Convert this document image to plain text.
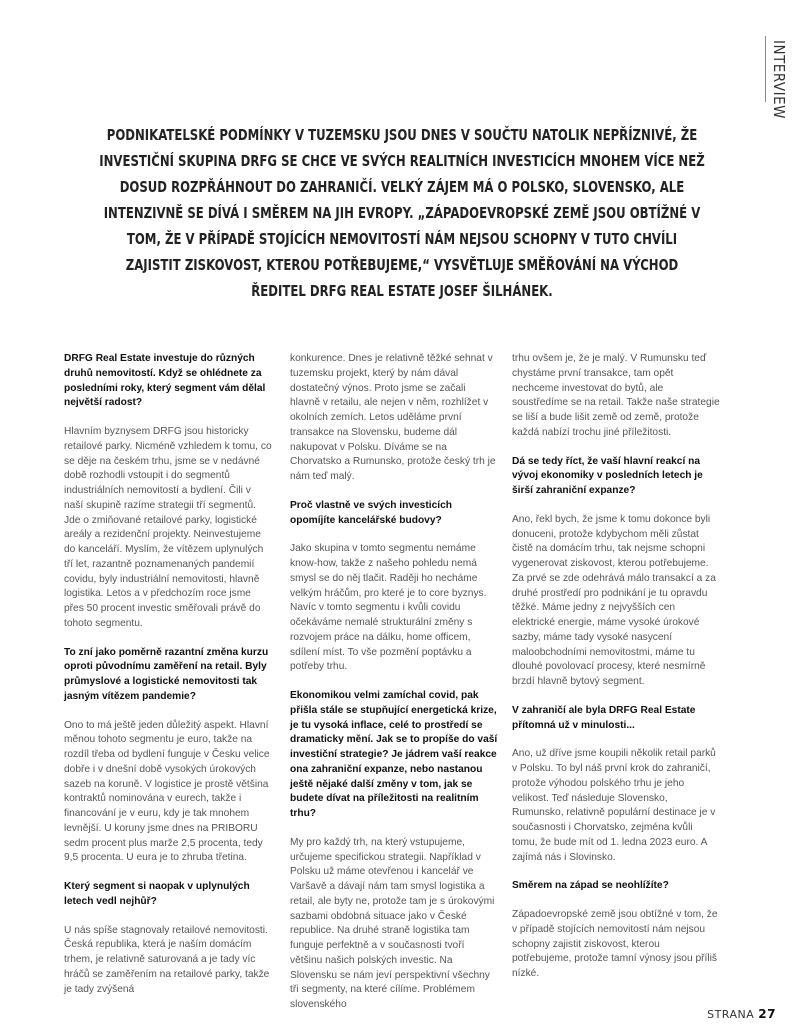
INTERVIEW
PODNIKATELSKÉ PODMÍNKY V TUZEMSKU JSOU DNES V SOUČTU NATOLIK NEPŘÍZNIVÉ, ŽE INVESTIČNÍ SKUPINA DRFG SE CHCE VE SVÝCH REALITNÍCH INVESTICÍCH MNOHEM VÍCE NEŽ DOSUD ROZPŘÁHNOUT DO ZAHRANIČÍ. VELKÝ ZÁJEM MÁ O POLSKO, SLOVENSKO, ALE INTENZIVNĚ SE DÍVÁ I SMĚREM NA JIH EVROPY. „ZÁPADOEVROPSKÉ ZEMĚ JSOU OBTÍŽNÉ V TOM, ŽE V PŘÍPADĚ STOJÍCÍCH NEMOVITOSTÍ NÁM NEJSOU SCHOPNY V TUTO CHVÍLI ZAJISTIT ZISKOVOST, KTEROU POTŘEBUJEME,“ VYSVĚTLUJE SMĚŘOVÁNÍ NA VÝCHOD ŘEDITEL DRFG REAL ESTATE JOSEF ŠILHÁNEK.

DRFG Real Estate investuje do různých druhů nemovitostí. Když se ohlédnete za posledními roky, který segment vám dělal největší radost?

Hlavním byznysem DRFG jsou historicky retailové parky. Nicméně vzhledem k tomu, co se děje na českém trhu, jsme se v nedávné době rozhodli vstoupit i do segmentů industriálních nemovitostí a bydlení. Čili v naší skupině razíme strategii tří segmentů. Jde o zmiňované retailové parky, logistické areály a rezidenční projekty. Neinvestujeme do kanceláří. Myslím, že vítězem uplynulých tří let, razantně poznamenaných pandemií covidu, byly industriální nemovitosti, hlavně logistika. Letos a v předchozím roce jsme přes 50 procent investic směřovali právě do tohoto segmentu.

To zní jako poměrně razantní změna kurzu oproti původnímu zaměření na retail. Byly průmyslové a logistické nemovitosti tak jasným vítězem pandemie?

Ono to má ještě jeden důležitý aspekt. Hlavní měnou tohoto segmentu je euro, takže na rozdíl třeba od bydlení funguje v Česku velice dobře i v dnešní době vysokých úrokových sazeb na koruně. V logistice je prostě většina kontraktů nominována v eurech, takže i financování je v euru, kdy je tak mnohem levnější. U koruny jsme dnes na PRIBORU sedm procent plus marže 2,5 procenta, tedy 9,5 procenta. U eura je to zhruba třetina.

Který segment si naopak v uplynulých letech vedl nejhůř?

U nás spíše stagnovaly retailové nemovitosti. Česká republika, která je naším domácím trhem, je relativně saturovaná a je tady víc hráčů se zaměřením na retailové parky, takže je tady zvýšená

konkurence. Dnes je relativně těžké sehnat v tuzemsku projekt, který by nám dával dostatečný výnos. Proto jsme se začali hlavně v retailu, ale nejen v něm, rozhlížet v okolních zemích. Letos uděláme první transakce na Slovensku, budeme dál nakupovat v Polsku. Díváme se na Chorvatsko a Rumunsko, protože český trh je nám teď malý.

Proč vlastně ve svých investicích opomíjíte kancelářské budovy?

Jako skupina v tomto segmentu nemáme know-how, takže z našeho pohledu nemá smysl se do něj tlačit. Raději ho necháme velkým hráčům, pro které je to core byznys. Navíc v tomto segmentu i kvůli covidu očekáváme nemalé strukturální změny s rozvojem práce na dálku, home officem, sdílení míst. To vše pozmění poptávku a potřeby trhu.

Ekonomikou velmi zamíchal covid, pak přišla stále se stupňující energetická krize, je tu vysoká inflace, celé to prostředí se dramaticky mění. Jak se to propíše do vaší investiční strategie? Je jádrem vaší reakce ona zahraniční expanze, nebo nastanou ještě nějaké další změny v tom, jak se budete dívat na příležitosti na realitním trhu?

My pro každý trh, na který vstupujeme, určujeme specifickou strategii. Například v Polsku už máme otevřenou i kancelář ve Varšavě a dávají nám tam smysl logistika a retail, ale byty ne, protože tam je s úrokovými sazbami obdobná situace jako v České republice. Na druhé straně logistika tam funguje perfektně a v současnosti tvoří většinu našich polských investic. Na Slovensku se nám jeví perspektivní všechny tři segmenty, na které cílíme. Problémem slovenského

trhu ovšem je, že je malý. V Rumunsku teď chystáme první transakce, tam opět nechceme investovat do bytů, ale soustředíme se na retail. Takže naše strategie se liší a bude lišit země od země, protože každá nabízí trochu jiné příležitosti.

Dá se tedy říct, že vaší hlavní reakcí na vývoj ekonomiky v posledních letech je širší zahraniční expanze?

Ano, řekl bych, že jsme k tomu dokonce byli donuceni, protože kdybychom měli zůstat čistě na domácím trhu, tak nejsme schopni vygenerovat ziskovost, kterou potřebujeme. Za prvé se zde odehrává málo transakcí a za druhé prostředí pro podnikání je tu opravdu těžké. Máme jedny z nejvyšších cen elektrické energie, máme vysoké úrokové sazby, máme tady vysoké nasycení maloobchodními nemovitostmi, máme tu dlouhé povolovací procesy, které nesmírně brzdí hlavně bytový segment.

V zahraničí ale byla DRFG Real Estate přítomná už v minulosti...

Ano, už dříve jsme koupili několik retail parků v Polsku. To byl náš první krok do zahraničí, protože výhodou polského trhu je jeho velikost. Teď následuje Slovensko, Rumunsko, relativně populární destinace je v současnosti i Chorvatsko, zejména kvůli tomu, že bude mít od 1. ledna 2023 euro. A zajímá nás i Slovinsko.

Směrem na západ se neohlížíte?

Západoevropské země jsou obtížné v tom, že v případě stojících nemovitostí nám nejsou schopny zajistit ziskovost, kterou potřebujeme, protože tamní výnosy jsou příliš nízké.

STRANA 27
